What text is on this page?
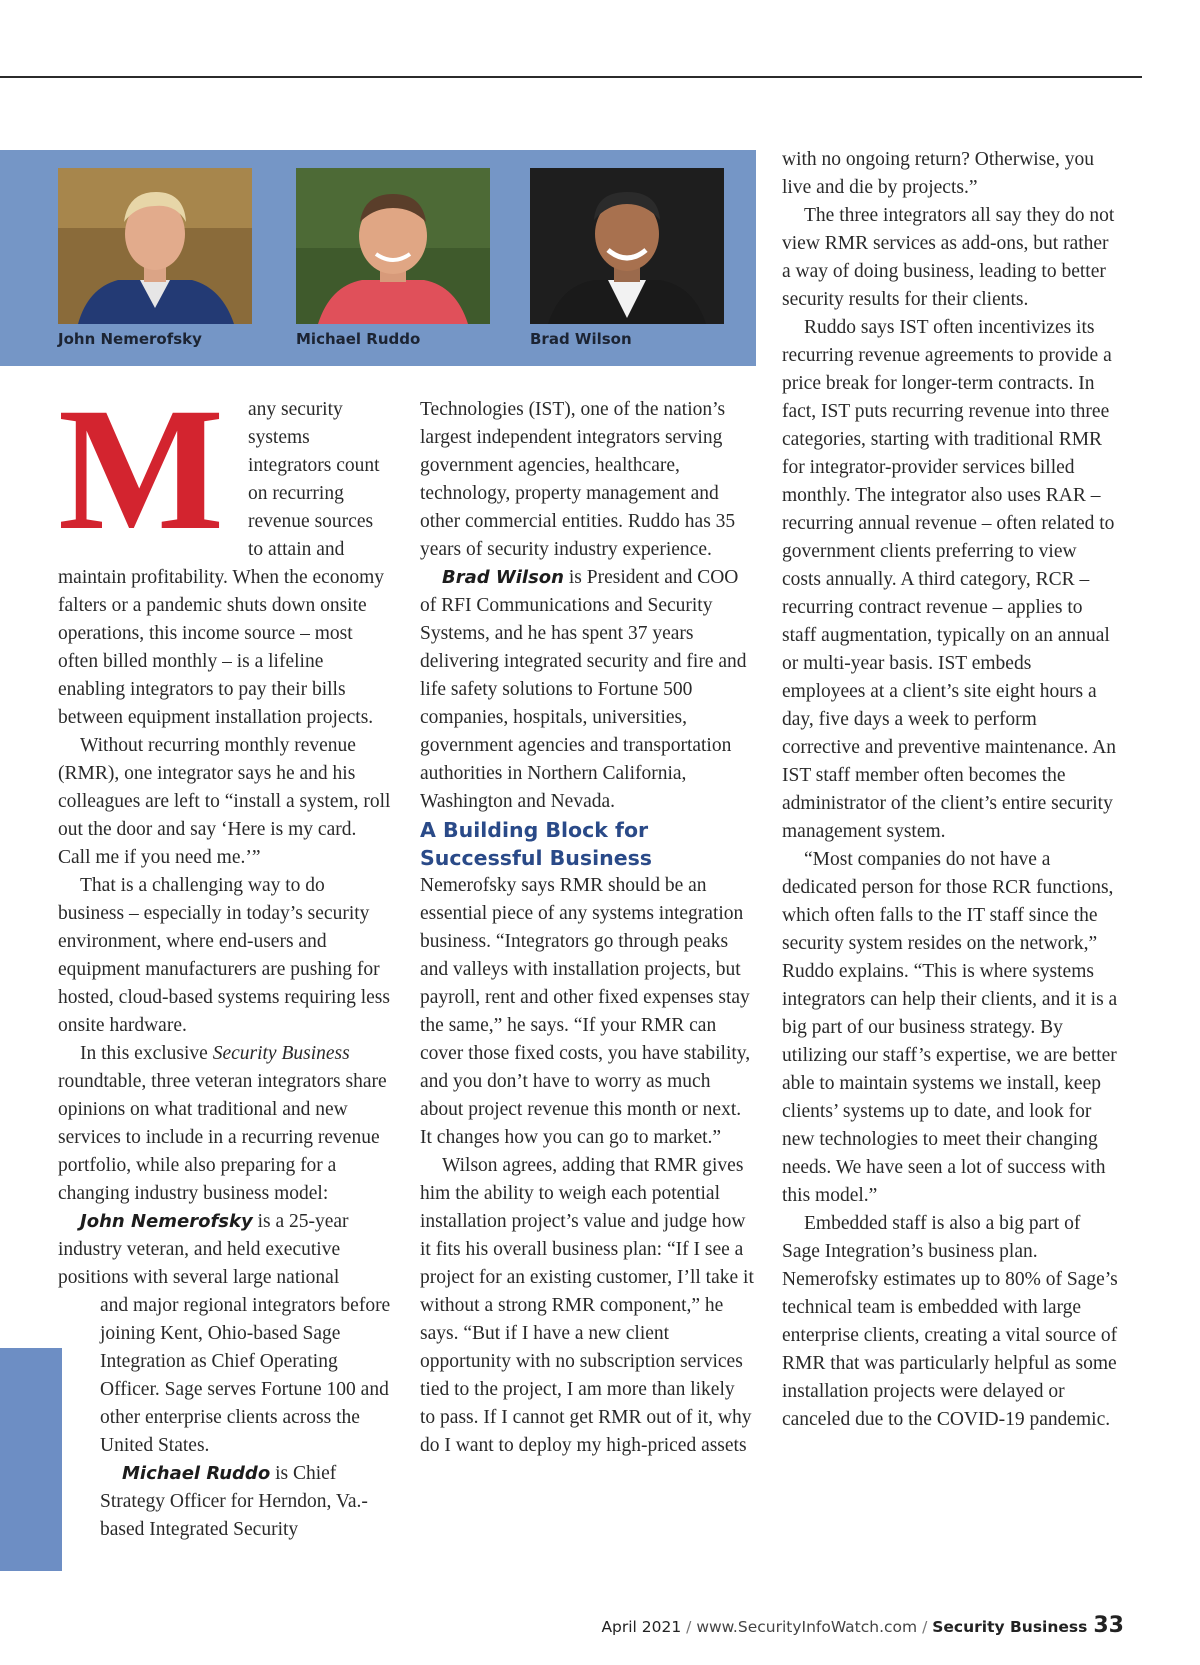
John Nemerofsky	Michael Ruddo	Brad Wilson

M	any security systems integrators count on recurring revenue sources to attain and maintain profitability. When the economy falters or a pandemic shuts down onsite operations, this income source – most often billed monthly – is a lifeline enabling integrators to pay their bills between equipment installation projects.

Without recurring monthly revenue (RMR), one integrator says he and his colleagues are left to “install a system, roll out the door and say ‘Here is my card. Call me if you need me.’”

That is a challenging way to do business – especially in today’s security environment, where end-users and equipment manufacturers are pushing for hosted, cloud-based systems requiring less onsite hardware.

In this exclusive Security Business roundtable, three veteran integrators share opinions on what traditional and new services to include in a recurring revenue portfolio, while also preparing for a changing industry business model:

John Nemerofsky is a 25-year industry veteran, and held executive positions with several large national

and major regional integrators before joining Kent, Ohio-based Sage Integration as Chief Operating Officer. Sage serves Fortune 100 and other enterprise clients across the United States.

Michael Ruddo is Chief Strategy Officer for Herndon, Va.-based Integrated Security

Technologies (IST), one of the nation’s largest independent integrators serving government agencies, healthcare, technology, property management and other commercial entities. Ruddo has 35 years of security industry experience.

Brad Wilson is President and COO of RFI Communications and Security Systems, and he has spent 37 years delivering integrated security and fire and life safety solutions to Fortune 500 companies, hospitals, universities, government agencies and transportation authorities in Northern California, Washington and Nevada.

A Building Block for Successful Business

Nemerofsky says RMR should be an essential piece of any systems integration business. “Integrators go through peaks and valleys with installation projects, but payroll, rent and other fixed expenses stay the same,” he says. “If your RMR can cover those fixed costs, you have stability, and you don’t have to worry as much about project revenue this month or next. It changes how you can go to market.”

Wilson agrees, adding that RMR gives him the ability to weigh each potential installation project’s value and judge how it fits his overall business plan: “If I see a project for an existing customer, I’ll take it without a strong RMR component,” he says. “But if I have a new client opportunity with no subscription services tied to the project, I am more than likely to pass. If I cannot get RMR out of it, why do I want to deploy my high-priced assets

with no ongoing return? Otherwise, you live and die by projects.”

The three integrators all say they do not view RMR services as add-ons, but rather a way of doing business, leading to better security results for their clients.

Ruddo says IST often incentivizes its recurring revenue agreements to provide a price break for longer-term contracts. In fact, IST puts recurring revenue into three categories, starting with traditional RMR for integrator-provider services billed monthly. The integrator also uses RAR – recurring annual revenue – often related to government clients preferring to view costs annually. A third category, RCR – recurring contract revenue – applies to staff augmentation, typically on an annual or multi-year basis. IST embeds employees at a client’s site eight hours a day, five days a week to perform corrective and preventive maintenance. An IST staff member often becomes the administrator of the client’s entire security management system.

“Most companies do not have a dedicated person for those RCR functions, which often falls to the IT staff since the security system resides on the network,” Ruddo explains. “This is where systems integrators can help their clients, and it is a big part of our business strategy. By utilizing our staff’s expertise, we are better able to maintain systems we install, keep clients’ systems up to date, and look for new technologies to meet their changing needs. We have seen a lot of success with this model.”

Embedded staff is also a big part of Sage Integration’s business plan. Nemerofsky estimates up to 80% of Sage’s technical team is embedded with large enterprise clients, creating a vital source of RMR that was particularly helpful as some installation projects were delayed or canceled due to the COVID-19 pandemic.

April 2021 / www.SecurityInfoWatch.com / Security Business 33
